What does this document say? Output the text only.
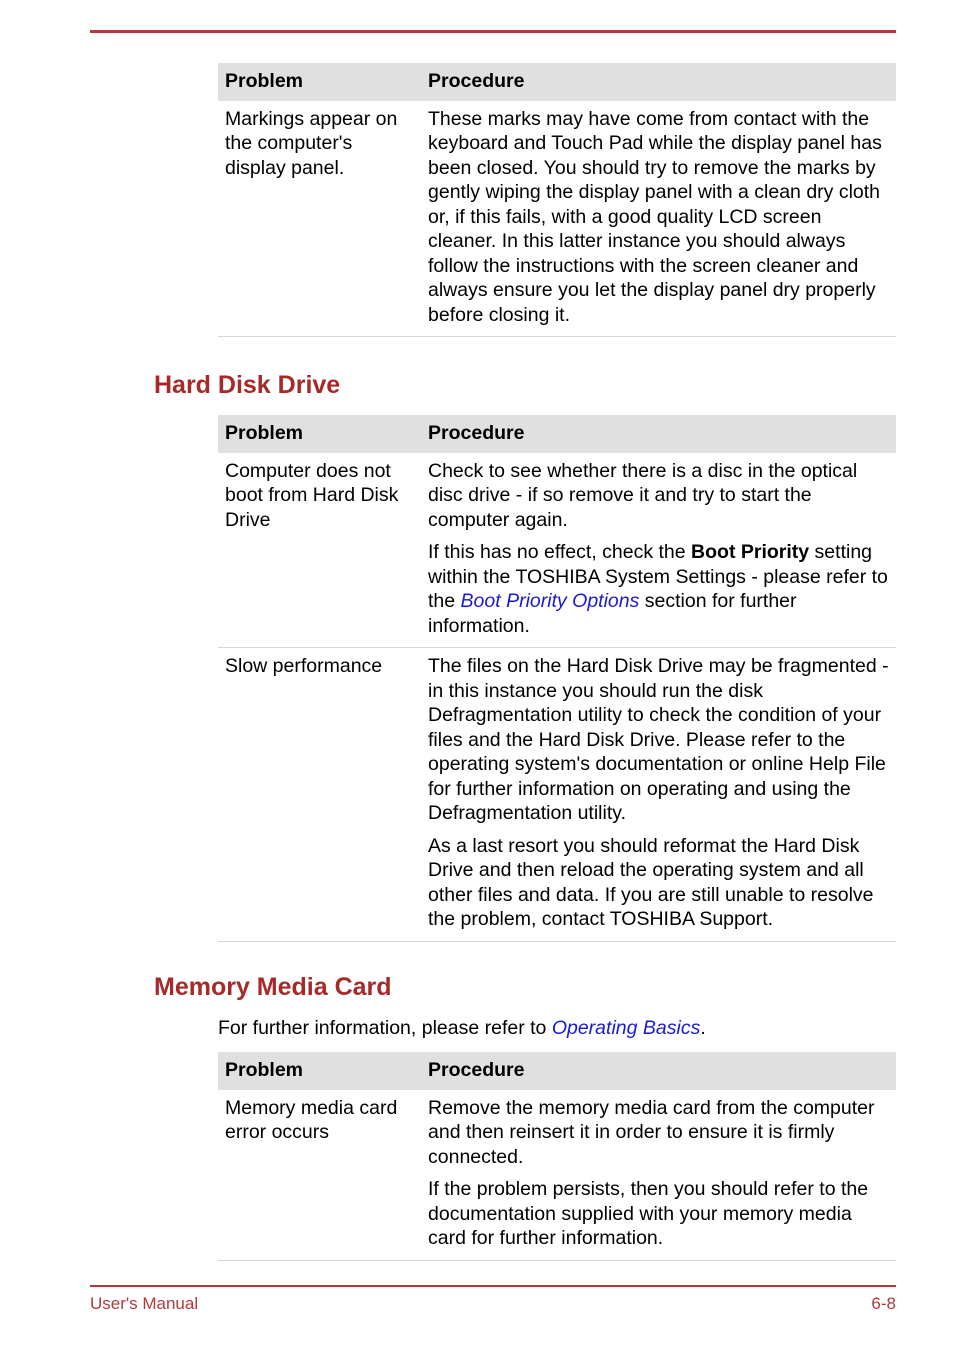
Problem	Procedure
Markings appear on the computer's display panel.	These marks may have come from contact with the keyboard and Touch Pad while the display panel has been closed. You should try to remove the marks by gently wiping the display panel with a clean dry cloth or, if this fails, with a good quality LCD screen cleaner. In this latter instance you should always follow the instructions with the screen cleaner and always ensure you let the display panel dry properly before closing it.
Hard Disk Drive
Problem	Procedure
Computer does not boot from Hard Disk Drive	Check to see whether there is a disc in the optical disc drive - if so remove it and try to start the computer again.

If this has no effect, check the Boot Priority setting within the TOSHIBA System Settings - please refer to the Boot Priority Options section for further information.

Slow performance	The files on the Hard Disk Drive may be fragmented - in this instance you should run the disk Defragmentation utility to check the condition of your files and the Hard Disk Drive. Please refer to the operating system's documentation or online Help File for further information on operating and using the Defragmentation utility.

As a last resort you should reformat the Hard Disk Drive and then reload the operating system and all other files and data. If you are still unable to resolve the problem, contact TOSHIBA Support.

Memory Media Card

For further information, please refer to Operating Basics.

Problem	Procedure
Memory media card error occurs	Remove the memory media card from the computer and then reinsert it in order to ensure it is firmly connected.

If the problem persists, then you should refer to the documentation supplied with your memory media card for further information.

User's Manual	6-8
